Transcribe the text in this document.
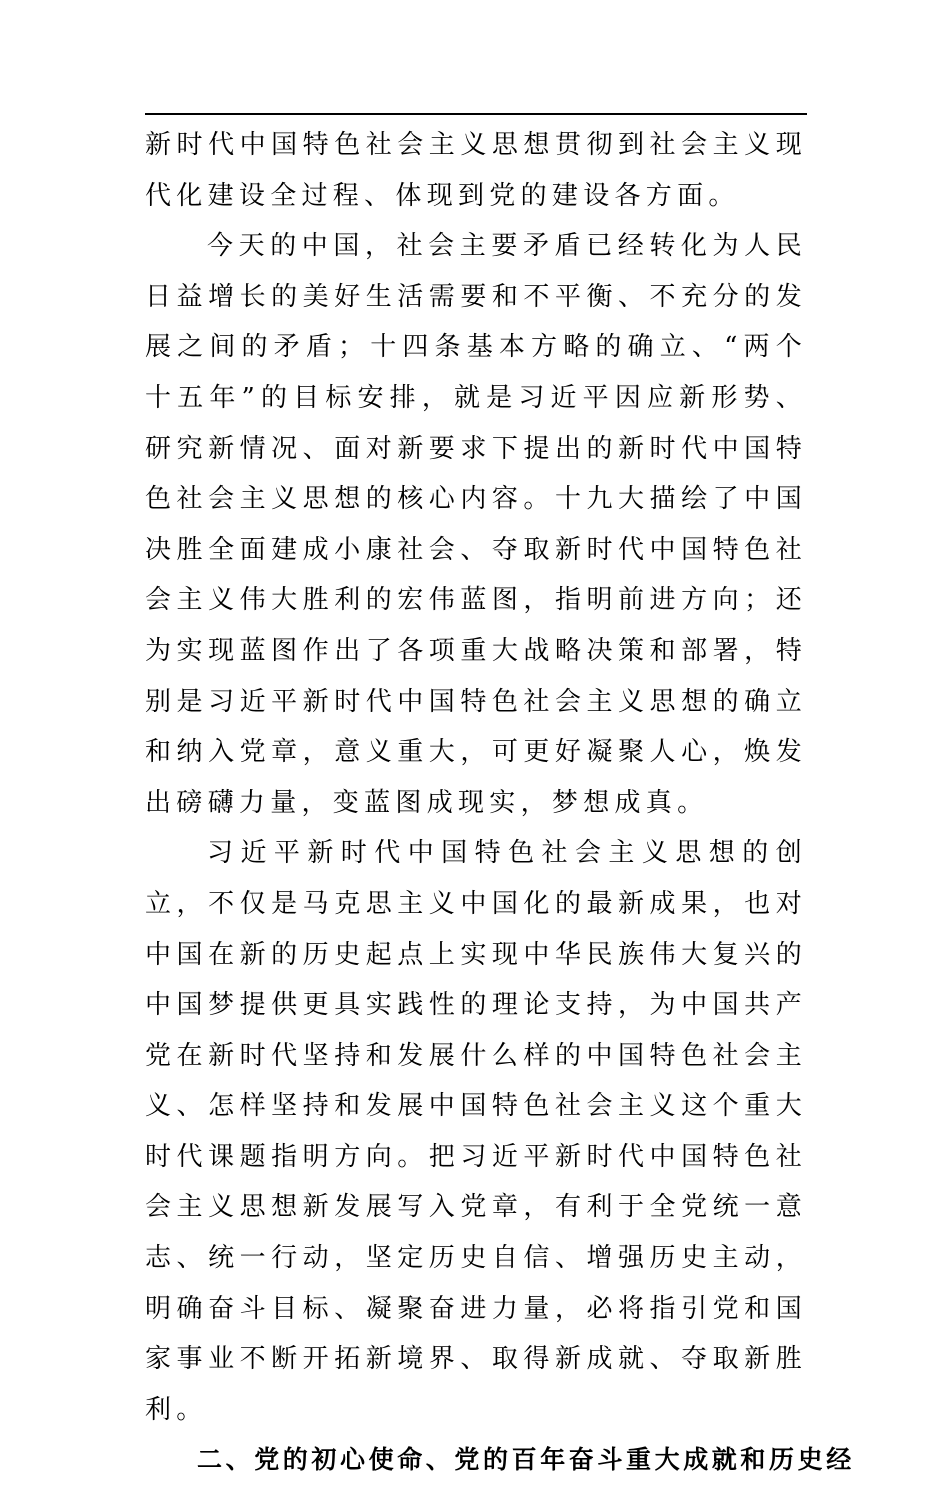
新时代中国特色社会主义思想贯彻到社会主义现代化建设全过程、体现到党的建设各方面。

今天的中国，社会主要矛盾已经转化为人民日益增长的美好生活需要和不平衡、不充分的发展之间的矛盾；十四条基本方略的确立、“两个十五年”的目标安排，就是习近平因应新形势、研究新情况、面对新要求下提出的新时代中国特色社会主义思想的核心内容。十九大描绘了中国决胜全面建成小康社会、夺取新时代中国特色社会主义伟大胜利的宏伟蓝图，指明前进方向；还为实现蓝图作出了各项重大战略决策和部署，特别是习近平新时代中国特色社会主义思想的确立和纳入党章，意义重大，可更好凝聚人心，焕发出磅礴力量，变蓝图成现实，梦想成真。

习近平新时代中国特色社会主义思想的创立，不仅是马克思主义中国化的最新成果，也对中国在新的历史起点上实现中华民族伟大复兴的中国梦提供更具实践性的理论支持，为中国共产党在新时代坚持和发展什么样的中国特色社会主义、怎样坚持和发展中国特色社会主义这个重大时代课题指明方向。把习近平新时代中国特色社会主义思想新发展写入党章，有利于全党统一意志、统一行动，坚定历史自信、增强历史主动，明确奋斗目标、凝聚奋进力量，必将指引党和国家事业不断开拓新境界、取得新成就、夺取新胜利。

二、党的初心使命、党的百年奋斗重大成就和历史经
